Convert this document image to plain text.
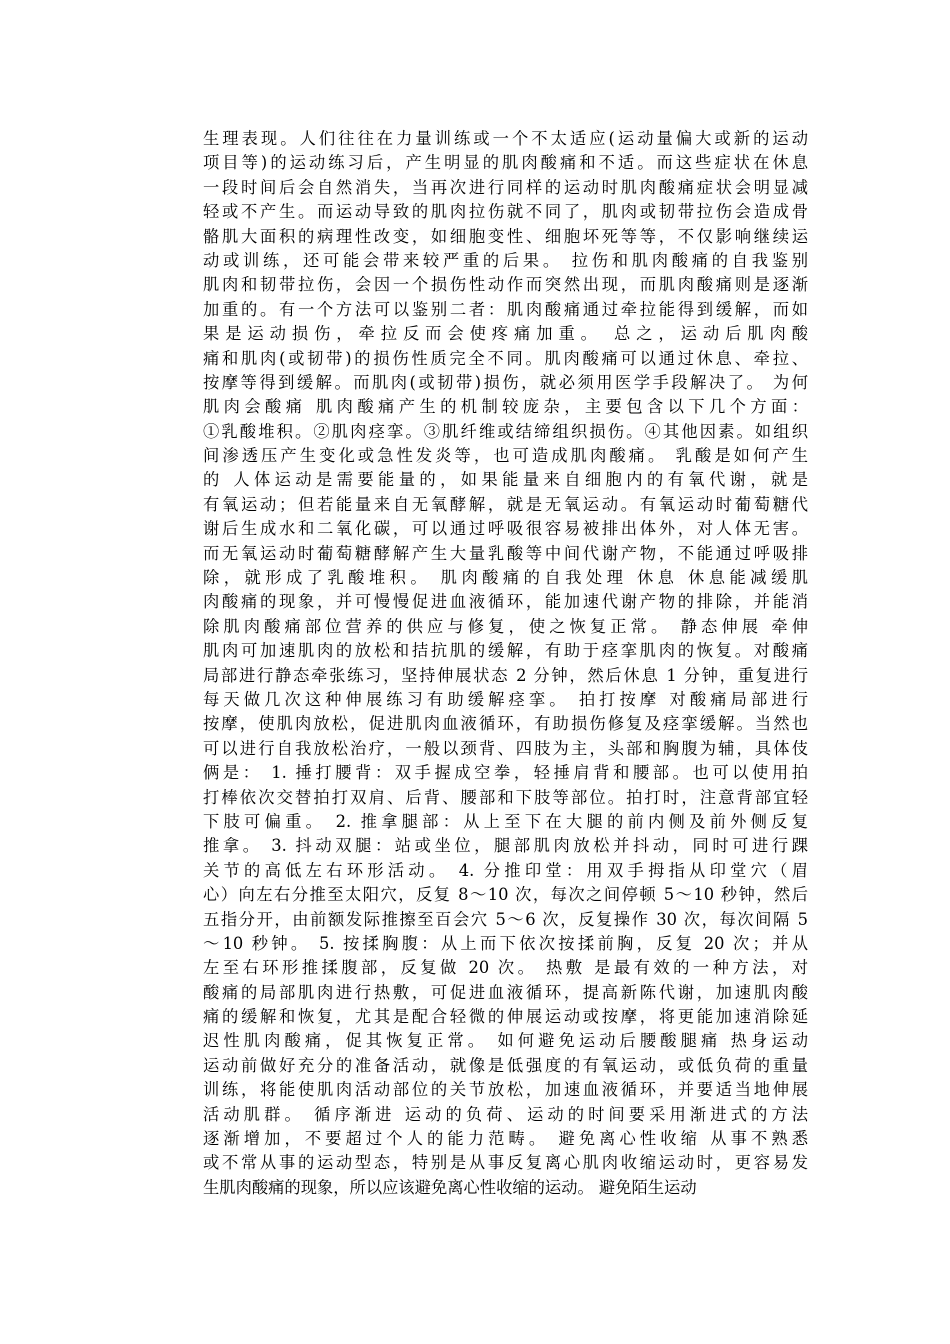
生理表现。人们往往在力量训练或一个不太适应(运动量偏大或新的运动
项目等)的运动练习后，产生明显的肌肉酸痛和不适。而这些症状在休息
一段时间后会自然消失，当再次进行同样的运动时肌肉酸痛症状会明显减
轻或不产生。而运动导致的肌肉拉伤就不同了，肌肉或韧带拉伤会造成骨
骼肌大面积的病理性改变，如细胞变性、细胞坏死等等，不仅影响继续运
动或训练，还可能会带来较严重的后果。 拉伤和肌肉酸痛的自我鉴别
肌肉和韧带拉伤，会因一个损伤性动作而突然出现，而肌肉酸痛则是逐渐
加重的。有一个方法可以鉴别二者：肌肉酸痛通过牵拉能得到缓解，而如
果是运动损伤，牵拉反而会使疼痛加重。 总之，运动后肌肉酸
痛和肌肉(或韧带)的损伤性质完全不同。肌肉酸痛可以通过休息、牵拉、
按摩等得到缓解。而肌肉(或韧带)损伤，就必须用医学手段解决了。 为何
肌肉会酸痛 肌肉酸痛产生的机制较庞杂，主要包含以下几个方面：
①乳酸堆积。②肌肉痉挛。③肌纤维或结缔组织损伤。④其他因素。如组织
间渗透压产生变化或急性发炎等，也可造成肌肉酸痛。 乳酸是如何产生
的 人体运动是需要能量的，如果能量来自细胞内的有氧代谢，就是
有氧运动；但若能量来自无氧酵解，就是无氧运动。有氧运动时葡萄糖代
谢后生成水和二氧化碳，可以通过呼吸很容易被排出体外，对人体无害。
而无氧运动时葡萄糖酵解产生大量乳酸等中间代谢产物，不能通过呼吸排
除，就形成了乳酸堆积。 肌肉酸痛的自我处理 休息 休息能减缓肌
肉酸痛的现象，并可慢慢促进血液循环，能加速代谢产物的排除，并能消
除肌肉酸痛部位营养的供应与修复，使之恢复正常。 静态伸展 牵伸
肌肉可加速肌肉的放松和拮抗肌的缓解，有助于痉挛肌肉的恢复。对酸痛
局部进行静态牵张练习，坚持伸展状态 2 分钟，然后休息 1 分钟，重复进行
每天做几次这种伸展练习有助缓解痉挛。 拍打按摩 对酸痛局部进行
按摩，使肌肉放松，促进肌肉血液循环，有助损伤修复及痉挛缓解。当然也
可以进行自我放松治疗，一般以颈背、四肢为主，头部和胸腹为辅，具体伎
俩是： 1. 捶打腰背：双手握成空拳，轻捶肩背和腰部。也可以使用拍
打棒依次交替拍打双肩、后背、腰部和下肢等部位。拍打时，注意背部宜轻
下肢可偏重。 2. 推拿腿部：从上至下在大腿的前内侧及前外侧反复
推拿。 3. 抖动双腿：站或坐位，腿部肌肉放松并抖动，同时可进行踝
关节的高低左右环形活动。 4. 分推印堂：用双手拇指从印堂穴（眉
心）向左右分推至太阳穴，反复 8～10 次，每次之间停顿 5～10 秒钟，然后
五指分开，由前额发际推擦至百会穴 5～6 次，反复操作 30 次，每次间隔 5
～10 秒钟。 5. 按揉胸腹：从上而下依次按揉前胸，反复 20 次；并从
左至右环形推揉腹部，反复做 20 次。 热敷 是最有效的一种方法，对
酸痛的局部肌肉进行热敷，可促进血液循环，提高新陈代谢，加速肌肉酸
痛的缓解和恢复，尤其是配合轻微的伸展运动或按摩，将更能加速消除延
迟性肌肉酸痛，促其恢复正常。 如何避免运动后腰酸腿痛 热身运动
运动前做好充分的准备活动，就像是低强度的有氧运动，或低负荷的重量
训练，将能使肌肉活动部位的关节放松，加速血液循环，并要适当地伸展
活动肌群。 循序渐进 运动的负荷、运动的时间要采用渐进式的方法
逐渐增加，不要超过个人的能力范畴。 避免离心性收缩 从事不熟悉
或不常从事的运动型态，特别是从事反复离心肌肉收缩运动时，更容易发
生肌肉酸痛的现象，所以应该避免离心性收缩的运动。 避免陌生运动
